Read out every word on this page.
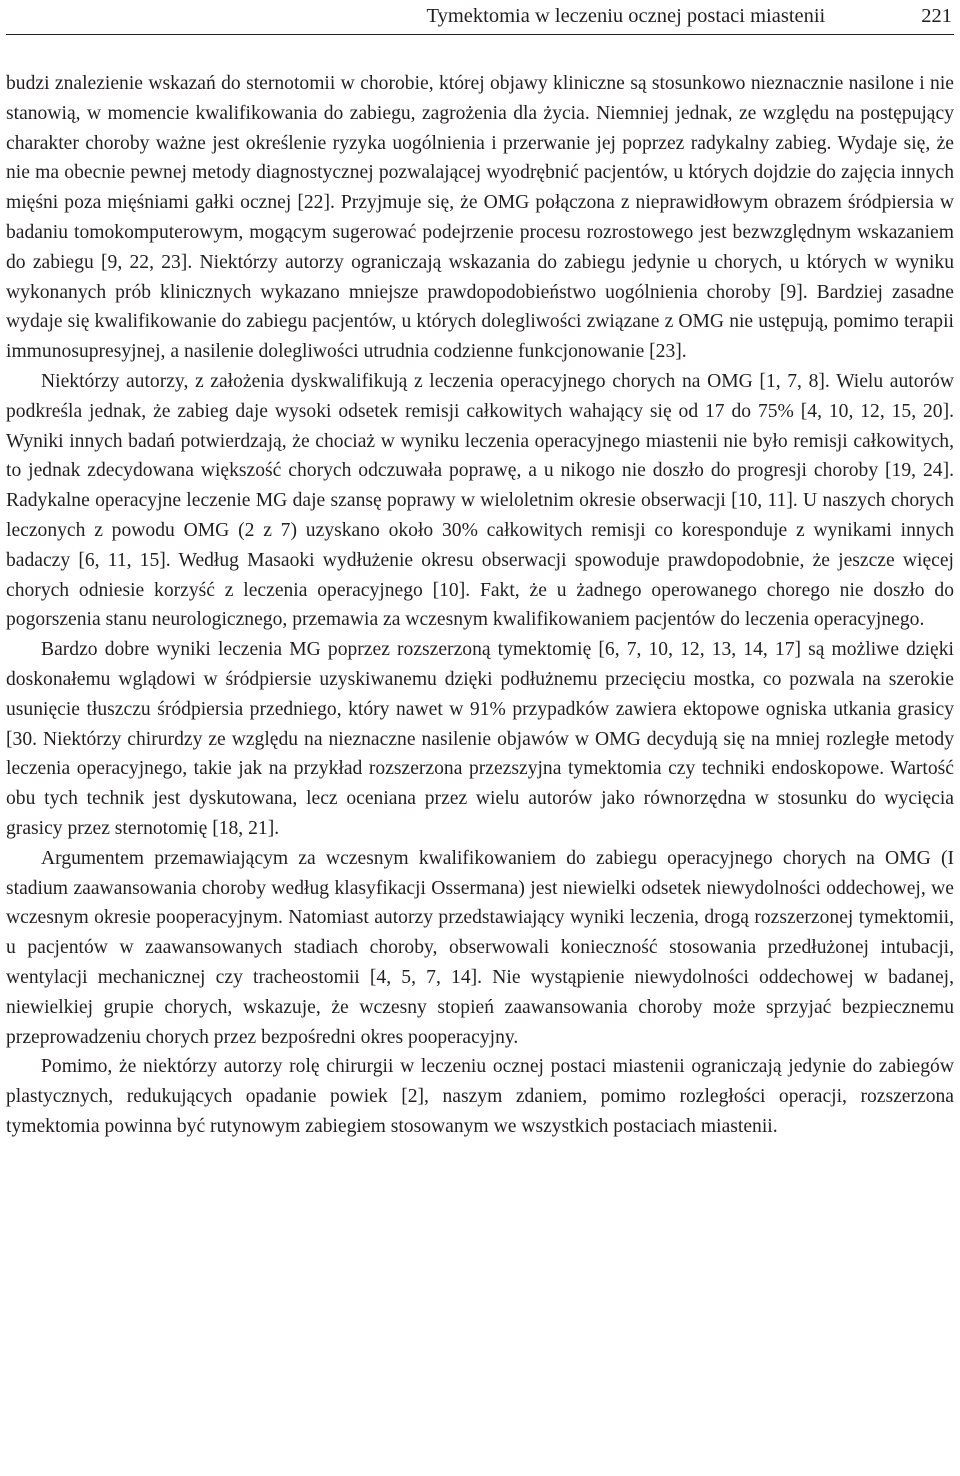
Tymektomia w leczeniu ocznej postaci miastenii	221

budzi znalezienie wskazań do sternotomii w chorobie, której objawy kliniczne są stosunkowo nieznacznie nasilone i nie stanowią, w momencie kwalifikowania do zabiegu, zagrożenia dla życia. Niemniej jednak, ze względu na postępujący charakter choroby ważne jest określenie ryzyka uogólnienia i przerwanie jej poprzez radykalny zabieg. Wydaje się, że nie ma obecnie pewnej metody diagnostycznej pozwalającej wyodrębnić pacjentów, u których dojdzie do zajęcia innych mięśni poza mięśniami gałki ocznej [22]. Przyjmuje się, że OMG połączona z nieprawidłowym obrazem śródpiersia w badaniu tomokomputerowym, mogącym sugerować podejrzenie procesu rozrostowego jest bezwzględnym wskazaniem do zabiegu [9, 22, 23]. Niektórzy autorzy ograniczają wskazania do zabiegu jedynie u chorych, u których w wyniku wykonanych prób klinicznych wykazano mniejsze prawdopodobieństwo uogólnienia choroby [9]. Bardziej zasadne wydaje się kwalifikowanie do zabiegu pacjentów, u których dolegliwości związane z OMG nie ustępują, pomimo terapii immunosupresyjnej, a nasilenie dolegliwości utrudnia codzienne funkcjonowanie [23].

Niektórzy autorzy, z założenia dyskwalifikują z leczenia operacyjnego chorych na OMG [1, 7, 8]. Wielu autorów podkreśla jednak, że zabieg daje wysoki odsetek remisji całkowitych wahający się od 17 do 75% [4, 10, 12, 15, 20]. Wyniki innych badań potwierdzają, że chociaż w wyniku leczenia operacyjnego miastenii nie było remisji całkowitych, to jednak zdecydowana większość chorych odczuwała poprawę, a u nikogo nie doszło do progresji choroby [19, 24]. Radykalne operacyjne leczenie MG daje szansę poprawy w wieloletnim okresie obserwacji [10, 11]. U naszych chorych leczonych z powodu OMG (2 z 7) uzyskano około 30% całkowitych remisji co koresponduje z wynikami innych badaczy [6, 11, 15]. Według Masaoki wydłużenie okresu obserwacji spowoduje prawdopodobnie, że jeszcze więcej chorych odniesie korzyść z leczenia operacyjnego [10]. Fakt, że u żadnego operowanego chorego nie doszło do pogorszenia stanu neurologicznego, przemawia za wczesnym kwalifikowaniem pacjentów do leczenia operacyjnego.

Bardzo dobre wyniki leczenia MG poprzez rozszerzoną tymektomię [6, 7, 10, 12, 13, 14, 17] są możliwe dzięki doskonałemu wglądowi w śródpiersie uzyskiwanemu dzięki podłużnemu przecięciu mostka, co pozwala na szerokie usunięcie tłuszczu śródpiersia przedniego, który nawet w 91% przypadków zawiera ektopowe ogniska utkania grasicy [30. Niektórzy chirurdzy ze względu na nieznaczne nasilenie objawów w OMG decydują się na mniej rozległe metody leczenia operacyjnego, takie jak na przykład rozszerzona przezszyjna tymektomia czy techniki endoskopowe. Wartość obu tych technik jest dyskutowana, lecz oceniana przez wielu autorów jako równorzędna w stosunku do wycięcia grasicy przez sternotomię [18, 21].

Argumentem przemawiającym za wczesnym kwalifikowaniem do zabiegu operacyjnego chorych na OMG (I stadium zaawansowania choroby według klasyfikacji Ossermana) jest niewielki odsetek niewydolności oddechowej, we wczesnym okresie pooperacyjnym. Natomiast autorzy przedstawiający wyniki leczenia, drogą rozszerzonej tymektomii, u pacjentów w zaawansowanych stadiach choroby, obserwowali konieczność stosowania przedłużonej intubacji, wentylacji mechanicznej czy tracheostomii [4, 5, 7, 14]. Nie wystąpienie niewydolności oddechowej w badanej, niewielkiej grupie chorych, wskazuje, że wczesny stopień zaawansowania choroby może sprzyjać bezpiecznemu przeprowadzeniu chorych przez bezpośredni okres pooperacyjny.

Pomimo, że niektórzy autorzy rolę chirurgii w leczeniu ocznej postaci miastenii ograniczają jedynie do zabiegów plastycznych, redukujących opadanie powiek [2], naszym zdaniem, pomimo rozległości operacji, rozszerzona tymektomia powinna być rutynowym zabiegiem stosowanym we wszystkich postaciach miastenii.
